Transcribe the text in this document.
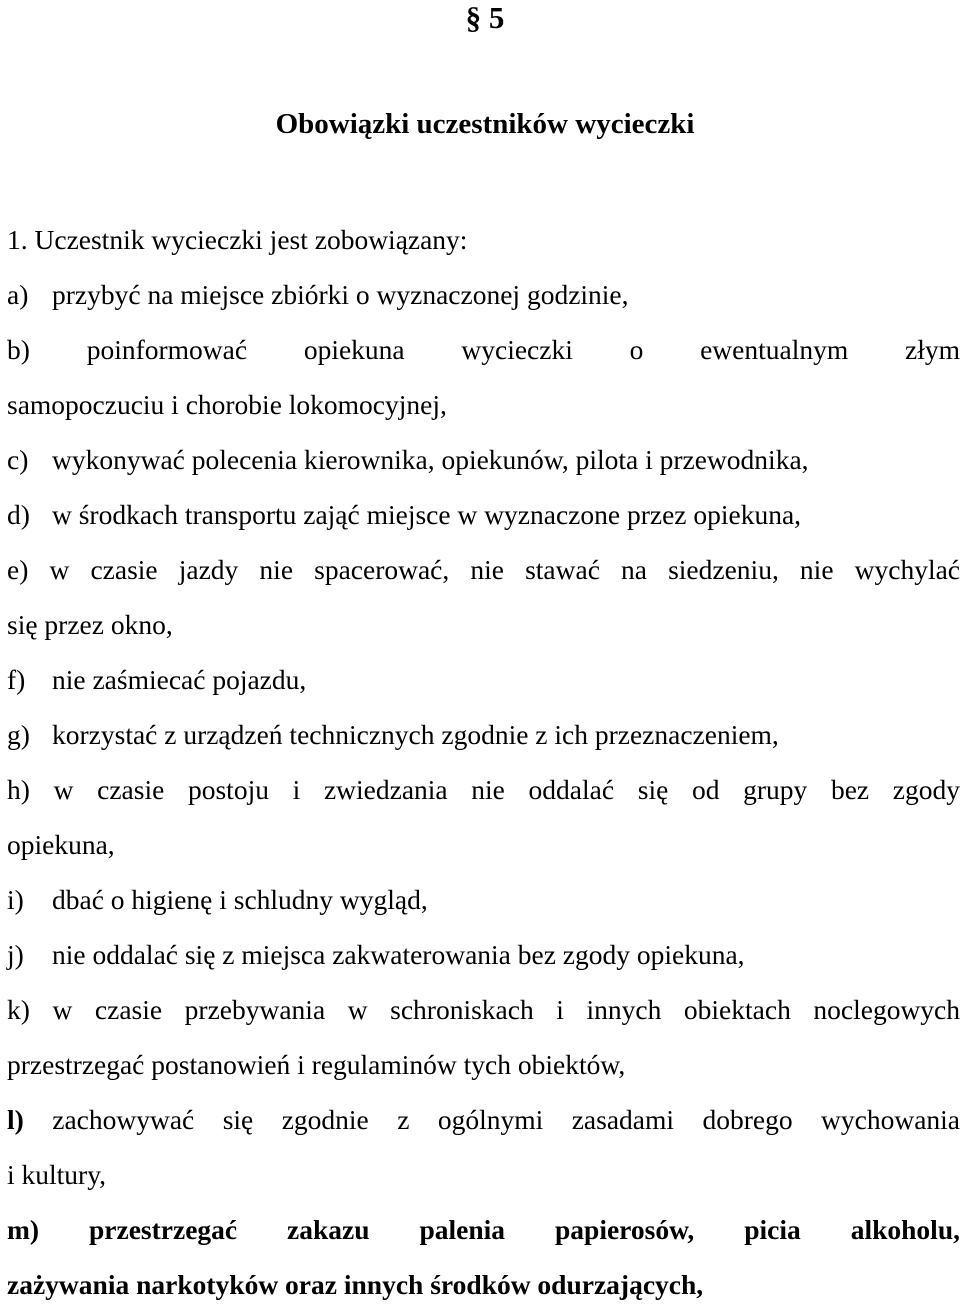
§ 5
Obowiązki uczestników wycieczki
1. Uczestnik wycieczki jest zobowiązany:
a) przybyć na miejsce zbiórki o wyznaczonej godzinie,
b) poinformować opiekuna wycieczki o ewentualnym złym
samopoczuciu i chorobie lokomocyjnej,
c) wykonywać polecenia kierownika, opiekunów, pilota i przewodnika,
d) w środkach transportu zająć miejsce w wyznaczone przez opiekuna,
e) w czasie jazdy nie spacerować, nie stawać na siedzeniu, nie wychylać
się przez okno,
f) nie zaśmiecać pojazdu,
g) korzystać z urządzeń technicznych zgodnie z ich przeznaczeniem,
h) w czasie postoju i zwiedzania nie oddalać się od grupy bez zgody
opiekuna,
i) dbać o higienę i schludny wygląd,
j) nie oddalać się z miejsca zakwaterowania bez zgody opiekuna,
k) w czasie przebywania w schroniskach i innych obiektach noclegowych
przestrzegać postanowień i regulaminów tych obiektów,
l) zachowywać się zgodnie z ogólnymi zasadami dobrego wychowania
i kultury,
m) przestrzegać zakazu palenia papierosów, picia alkoholu,
zażywania narkotyków oraz innych środków odurzających,
